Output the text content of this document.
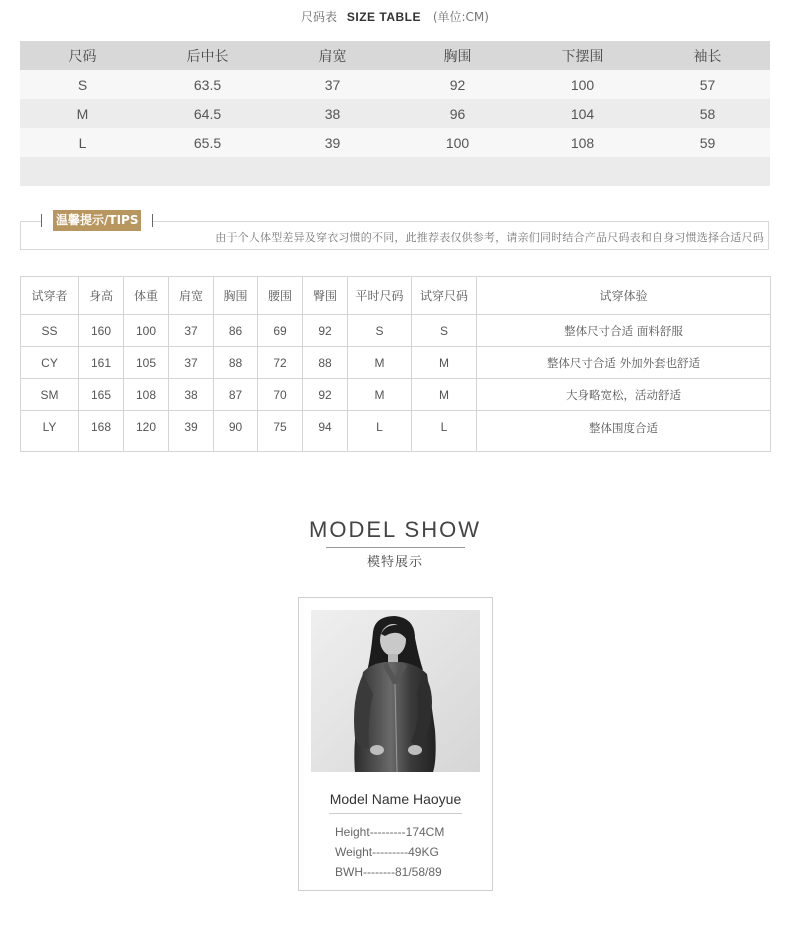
尺码表 SIZE TABLE (单位:CM)
尺码	后中长	肩宽	胸围	下摆围	袖长
S	63.5	37	92	100	57
M	64.5	38	96	104	58
L	65.5	39	100	108	59

温馨提示/TIPS
由于个人体型差异及穿衣习惯的不同，此推荐表仅供参考，请亲们同时结合产品尺码表和自身习惯选择合适尺码
试穿者	身高	体重	肩宽	胸围	腰围	臀围	平时尺码	试穿尺码	试穿体验
SS	160	100	37	86	69	92	S	S	整体尺寸合适 面料舒服
CY	161	105	37	88	72	88	M	M	整体尺寸合适 外加外套也舒适
SM	165	108	38	87	70	92	M	M	大身略宽松，活动舒适
LY	168	120	39	90	75	94	L	L	整体围度合适
MODEL SHOW
模特展示
Model Name Haoyue
Height---------174CM
Weight---------49KG
BWH--------81/58/89
